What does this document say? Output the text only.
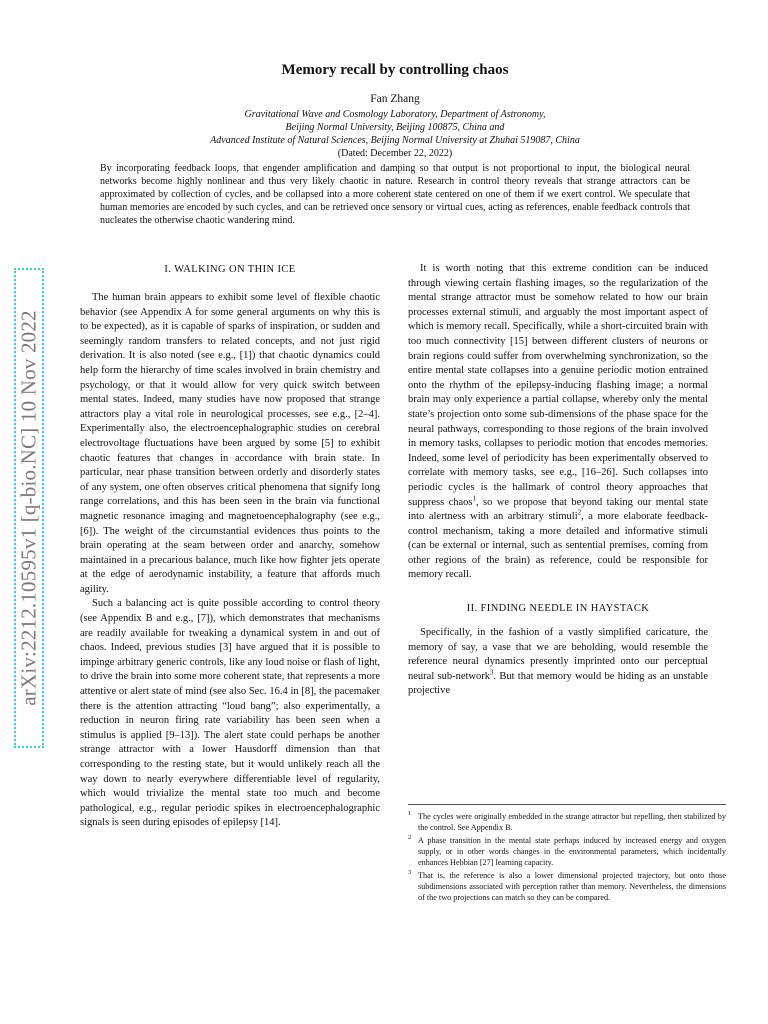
arXiv:2212.10595v1 [q-bio.NC] 10 Nov 2022

Memory recall by controlling chaos

Fan Zhang

Gravitational Wave and Cosmology Laboratory, Department of Astronomy,

Beijing Normal University, Beijing 100875, China and

Advanced Institute of Natural Sciences, Beijing Normal University at Zhuhai 519087, China

(Dated: December 22, 2022)

By incorporating feedback loops, that engender amplification and damping so that output is not proportional to input, the biological neural networks become highly nonlinear and thus very likely chaotic in nature. Research in control theory reveals that strange attractors can be approximated by collection of cycles, and be collapsed into a more coherent state centered on one of them if we exert control. We speculate that human memories are encoded by such cycles, and can be retrieved once sensory or virtual cues, acting as references, enable feedback controls that nucleates the otherwise chaotic wandering mind.

I. WALKING ON THIN ICE

The human brain appears to exhibit some level of flexible chaotic behavior (see Appendix A for some general arguments on why this is to be expected), as it is capable of sparks of inspiration, or sudden and seemingly random transfers to related concepts, and not just rigid derivation. It is also noted (see e.g., [1]) that chaotic dynamics could help form the hierarchy of time scales involved in brain chemistry and psychology, or that it would allow for very quick switch between mental states. Indeed, many studies have now proposed that strange attractors play a vital role in neurological processes, see e.g., [2–4]. Experimentally also, the electroencephalographic studies on cerebral electrovoltage fluctuations have been argued by some [5] to exhibit chaotic features that changes in accordance with brain state. In particular, near phase transition between orderly and disorderly states of any system, one often observes critical phenomena that signify long range correlations, and this has been seen in the brain via functional magnetic resonance imaging and magnetoencephalography (see e.g., [6]). The weight of the circumstantial evidences thus points to the brain operating at the seam between order and anarchy, somehow maintained in a precarious balance, much like how fighter jets operate at the edge of aerodynamic instability, a feature that affords much agility.

Such a balancing act is quite possible according to control theory (see Appendix B and e.g., [7]), which demonstrates that mechanisms are readily available for tweaking a dynamical system in and out of chaos. Indeed, previous studies [3] have argued that it is possible to impinge arbitrary generic controls, like any loud noise or flash of light, to drive the brain into some more coherent state, that represents a more attentive or alert state of mind (see also Sec. 16.4 in [8], the pacemaker there is the attention attracting “loud bang”; also experimentally, a reduction in neuron firing rate variability has been seen when a stimulus is applied [9–13]). The alert state could perhaps be another strange attractor with a lower Hausdorff dimension than that corresponding to the resting state, but it would unlikely reach all the way down to nearly everywhere differentiable level of regularity, which would trivialize the mental state too much and become pathological, e.g., regular periodic spikes in electroencephalographic signals is seen during episodes of epilepsy [14].

It is worth noting that this extreme condition can be induced through viewing certain flashing images, so the regularization of the mental strange attractor must be somehow related to how our brain processes external stimuli, and arguably the most important aspect of which is memory recall. Specifically, while a short-circuited brain with too much connectivity [15] between different clusters of neurons or brain regions could suffer from overwhelming synchronization, so the entire mental state collapses into a genuine periodic motion entrained onto the rhythm of the epilepsy-inducing flashing image; a normal brain may only experience a partial collapse, whereby only the mental state’s projection onto some sub-dimensions of the phase space for the neural pathways, corresponding to those regions of the brain involved in memory tasks, collapses to periodic motion that encodes memories. Indeed, some level of periodicity has been experimentally observed to correlate with memory tasks, see e.g., [16–26]. Such collapses into periodic cycles is the hallmark of control theory approaches that suppress chaos$^1$, so we propose that beyond taking our mental state into alertness with an arbitrary stimuli$^2$, a more elaborate feedback-control mechanism, taking a more detailed and informative stimuli (can be external or internal, such as sentential premises, coming from other regions of the brain) as reference, could be responsible for memory recall.

II. FINDING NEEDLE IN HAYSTACK

Specifically, in the fashion of a vastly simplified caricature, the memory of say, a vase that we are beholding, would resemble the reference neural dynamics presently imprinted onto our perceptual neural sub-network$^3$. But that memory would be hiding as an unstable projective

$^1$ The cycles were originally embedded in the strange attractor but repelling, then stabilized by the control. See Appendix B.

$^2$ A phase transition in the mental state perhaps induced by increased energy and oxygen supply, or in other words changes in the environmental parameters, which incidentally enhances Hebbian [27] learning capacity.

$^3$ That is, the reference is also a lower dimensional projected trajectory, but onto those subdimensions associated with perception rather than memory. Nevertheless, the dimensions of the two projections can match so they can be compared.
